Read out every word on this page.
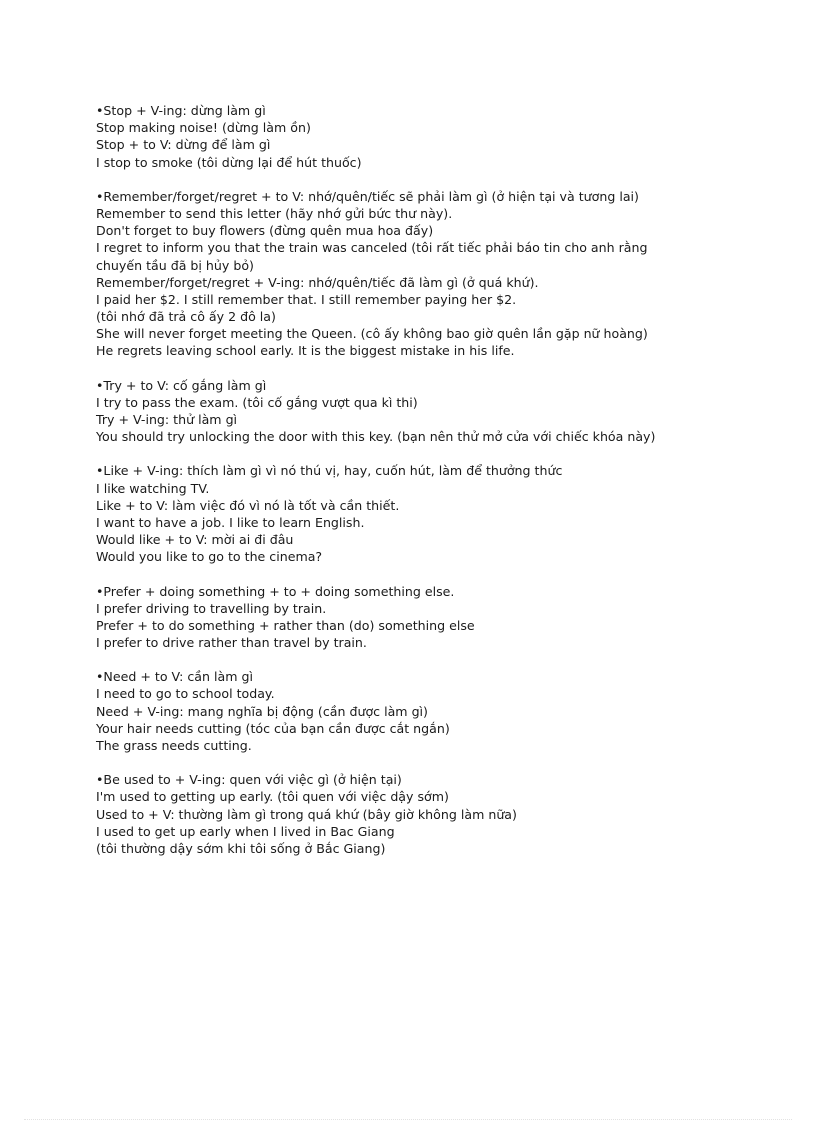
•Stop + V-ing: dừng làm gì
Stop making noise! (dừng làm ồn)
Stop + to V: dừng để làm gì
I stop to smoke (tôi dừng lại để hút thuốc)
•Remember/forget/regret + to V: nhớ/quên/tiếc sẽ phải làm gì (ở hiện tại và tương lai)
Remember to send this letter (hãy nhớ gửi bức thư này).
Don't forget to buy flowers (đừng quên mua hoa đấy)
I regret to inform you that the train was canceled (tôi rất tiếc phải báo tin cho anh rằng
chuyến tầu đã bị hủy bỏ)
Remember/forget/regret + V-ing: nhớ/quên/tiếc đã làm gì (ở quá khứ).
I paid her $2. I still remember that. I still remember paying her $2.
(tôi nhớ đã trả cô ấy 2 đô la)
She will never forget meeting the Queen. (cô ấy không bao giờ quên lần gặp nữ hoàng)
He regrets leaving school early. It is the biggest mistake in his life.
•Try + to V: cố gắng làm gì
I try to pass the exam. (tôi cố gắng vượt qua kì thi)
Try + V-ing: thử làm gì
You should try unlocking the door with this key. (bạn nên thử mở cửa với chiếc khóa này)
•Like + V-ing: thích làm gì vì nó thú vị, hay, cuốn hút, làm để thưởng thức
I like watching TV.
Like + to V: làm việc đó vì nó là tốt và cần thiết.
I want to have a job. I like to learn English.
Would like + to V: mời ai đi đâu
Would you like to go to the cinema?
•Prefer + doing something + to + doing something else.
I prefer driving to travelling by train.
Prefer + to do something + rather than (do) something else
I prefer to drive rather than travel by train.
•Need + to V: cần làm gì
I need to go to school today.
Need + V-ing: mang nghĩa bị động (cần được làm gì)
Your hair needs cutting (tóc của bạn cần được cắt ngắn)
The grass needs cutting.
•Be used to + V-ing: quen với việc gì (ở hiện tại)
I'm used to getting up early. (tôi quen với việc dậy sớm)
Used to + V: thường làm gì trong quá khứ (bây giờ không làm nữa)
I used to get up early when I lived in Bac Giang
(tôi thường dậy sớm khi tôi sống ở Bắc Giang)
